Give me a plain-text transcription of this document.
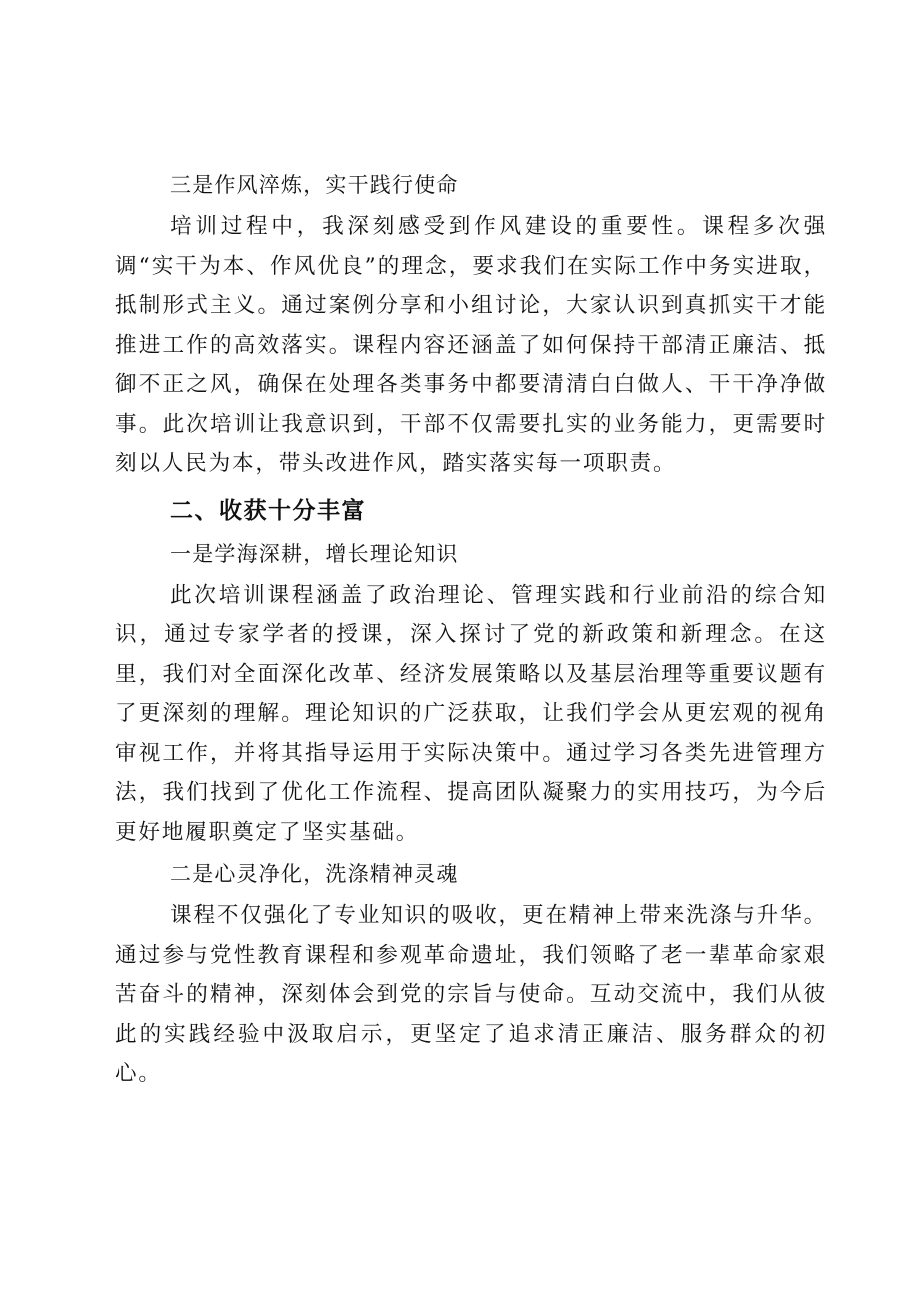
三是作风淬炼，实干践行使命

培训过程中，我深刻感受到作风建设的重要性。课程多次强调“实干为本、作风优良”的理念，要求我们在实际工作中务实进取，抵制形式主义。通过案例分享和小组讨论，大家认识到真抓实干才能推进工作的高效落实。课程内容还涵盖了如何保持干部清正廉洁、抵御不正之风，确保在处理各类事务中都要清清白白做人、干干净净做事。此次培训让我意识到，干部不仅需要扎实的业务能力，更需要时刻以人民为本，带头改进作风，踏实落实每一项职责。

二、收获十分丰富

一是学海深耕，增长理论知识

此次培训课程涵盖了政治理论、管理实践和行业前沿的综合知识，通过专家学者的授课，深入探讨了党的新政策和新理念。在这里，我们对全面深化改革、经济发展策略以及基层治理等重要议题有了更深刻的理解。理论知识的广泛获取，让我们学会从更宏观的视角审视工作，并将其指导运用于实际决策中。通过学习各类先进管理方法，我们找到了优化工作流程、提高团队凝聚力的实用技巧，为今后更好地履职奠定了坚实基础。

二是心灵净化，洗涤精神灵魂

课程不仅强化了专业知识的吸收，更在精神上带来洗涤与升华。通过参与党性教育课程和参观革命遗址，我们领略了老一辈革命家艰苦奋斗的精神，深刻体会到党的宗旨与使命。互动交流中，我们从彼此的实践经验中汲取启示，更坚定了追求清正廉洁、服务群众的初心。
